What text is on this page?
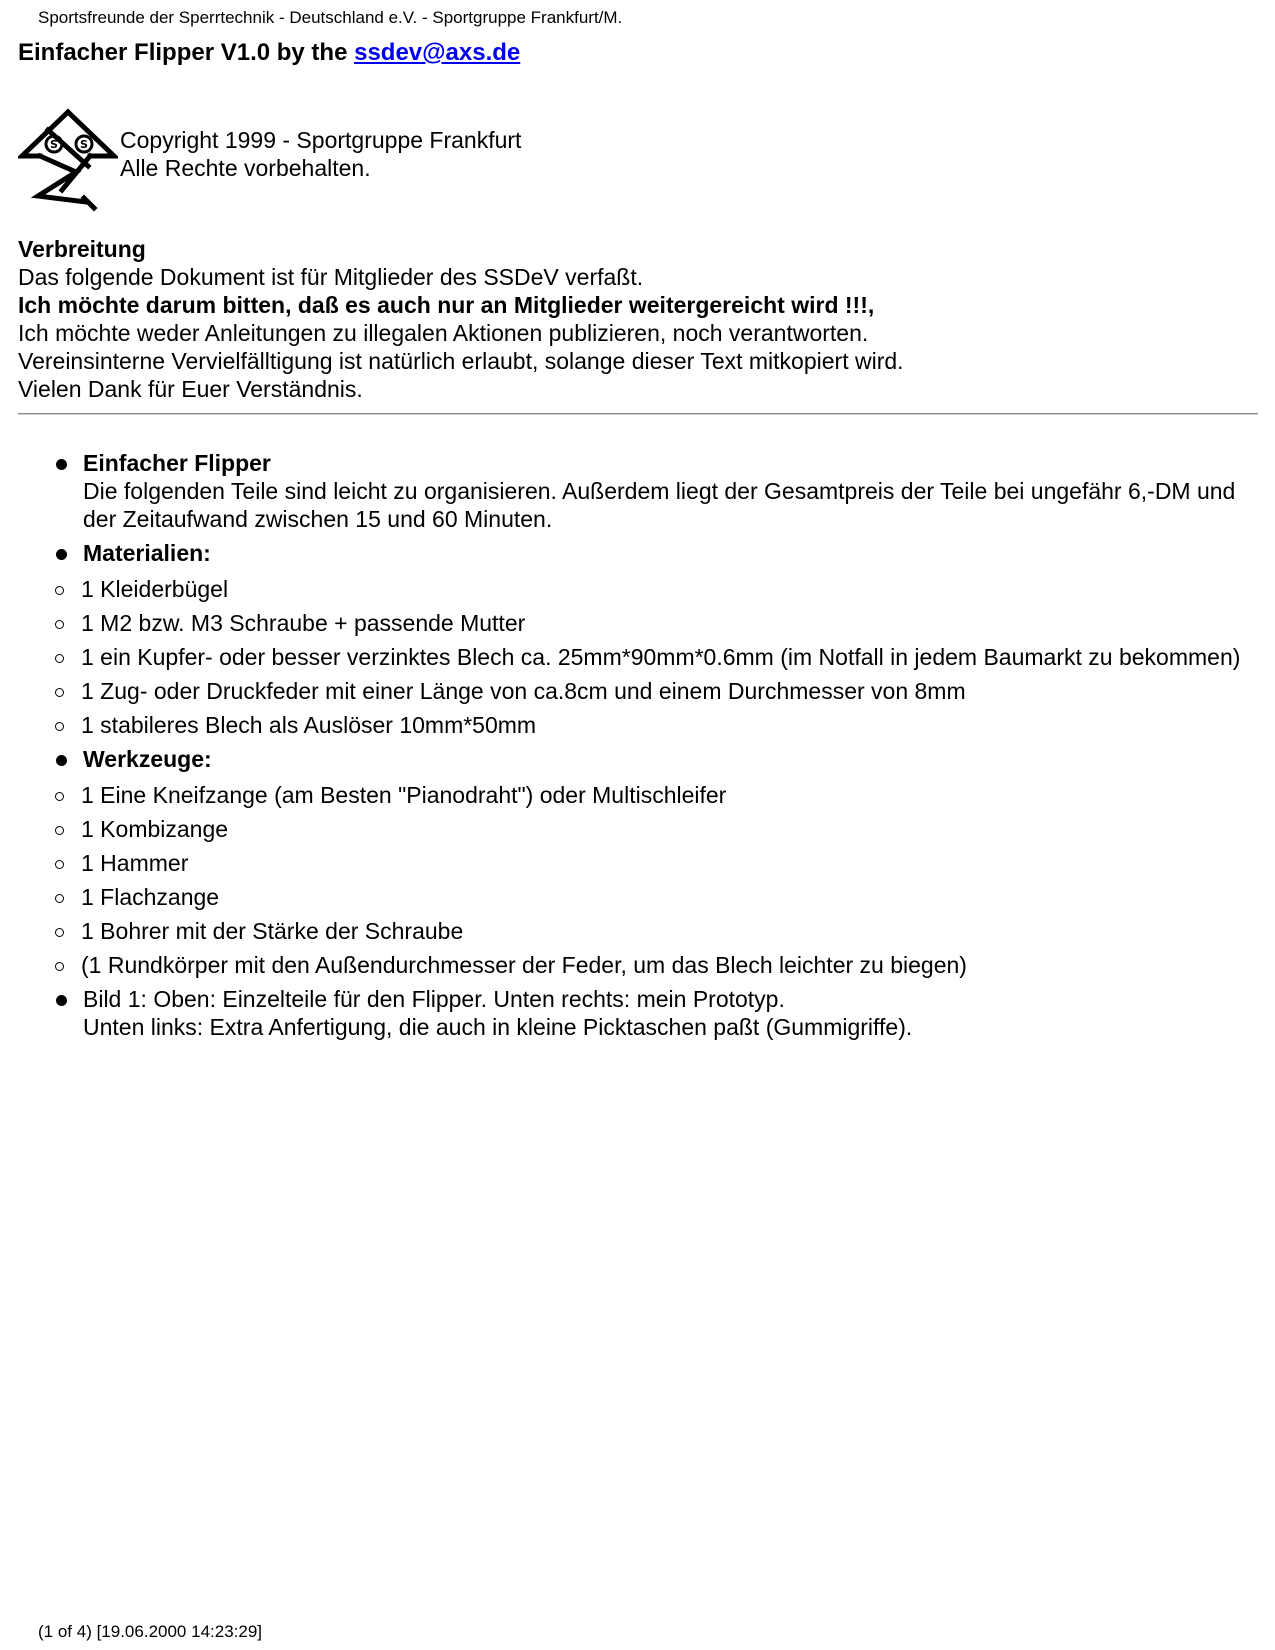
Sportsfreunde der Sperrtechnik - Deutschland e.V. - Sportgruppe Frankfurt/M.
Einfacher Flipper V1.0 by the ssdev@axs.de
S S Copyright 1999 - Sportgruppe Frankfurt
Alle Rechte vorbehalten.

Verbreitung

Das folgende Dokument ist für Mitglieder des SSDeV verfaßt.

Ich möchte darum bitten, daß es auch nur an Mitglieder weitergereicht wird !!!,

Ich möchte weder Anleitungen zu illegalen Aktionen publizieren, noch verantworten.

Vereinsinterne Vervielfälltigung ist natürlich erlaubt, solange dieser Text mitkopiert wird.

Vielen Dank für Euer Verständnis.

Einfacher Flipper
Die folgenden Teile sind leicht zu organisieren. Außerdem liegt der Gesamtpreis der Teile bei ungefähr 6,-DM und der Zeitaufwand zwischen 15 und 60 Minuten.
Materialien:
1 Kleiderbügel
1 M2 bzw. M3 Schraube + passende Mutter
1 ein Kupfer- oder besser verzinktes Blech ca. 25mm*90mm*0.6mm (im Notfall in jedem Baumarkt zu bekommen)
1 Zug- oder Druckfeder mit einer Länge von ca.8cm und einem Durchmesser von 8mm
1 stabileres Blech als Auslöser 10mm*50mm
Werkzeuge:
1 Eine Kneifzange (am Besten "Pianodraht") oder Multischleifer
1 Kombizange
1 Hammer
1 Flachzange
1 Bohrer mit der Stärke der Schraube
(1 Rundkörper mit den Außendurchmesser der Feder, um das Blech leichter zu biegen)
Bild 1: Oben: Einzelteile für den Flipper. Unten rechts: mein Prototyp.
Unten links: Extra Anfertigung, die auch in kleine Picktaschen paßt (Gummigriffe).
(1 of 4) [19.06.2000 14:23:29]
